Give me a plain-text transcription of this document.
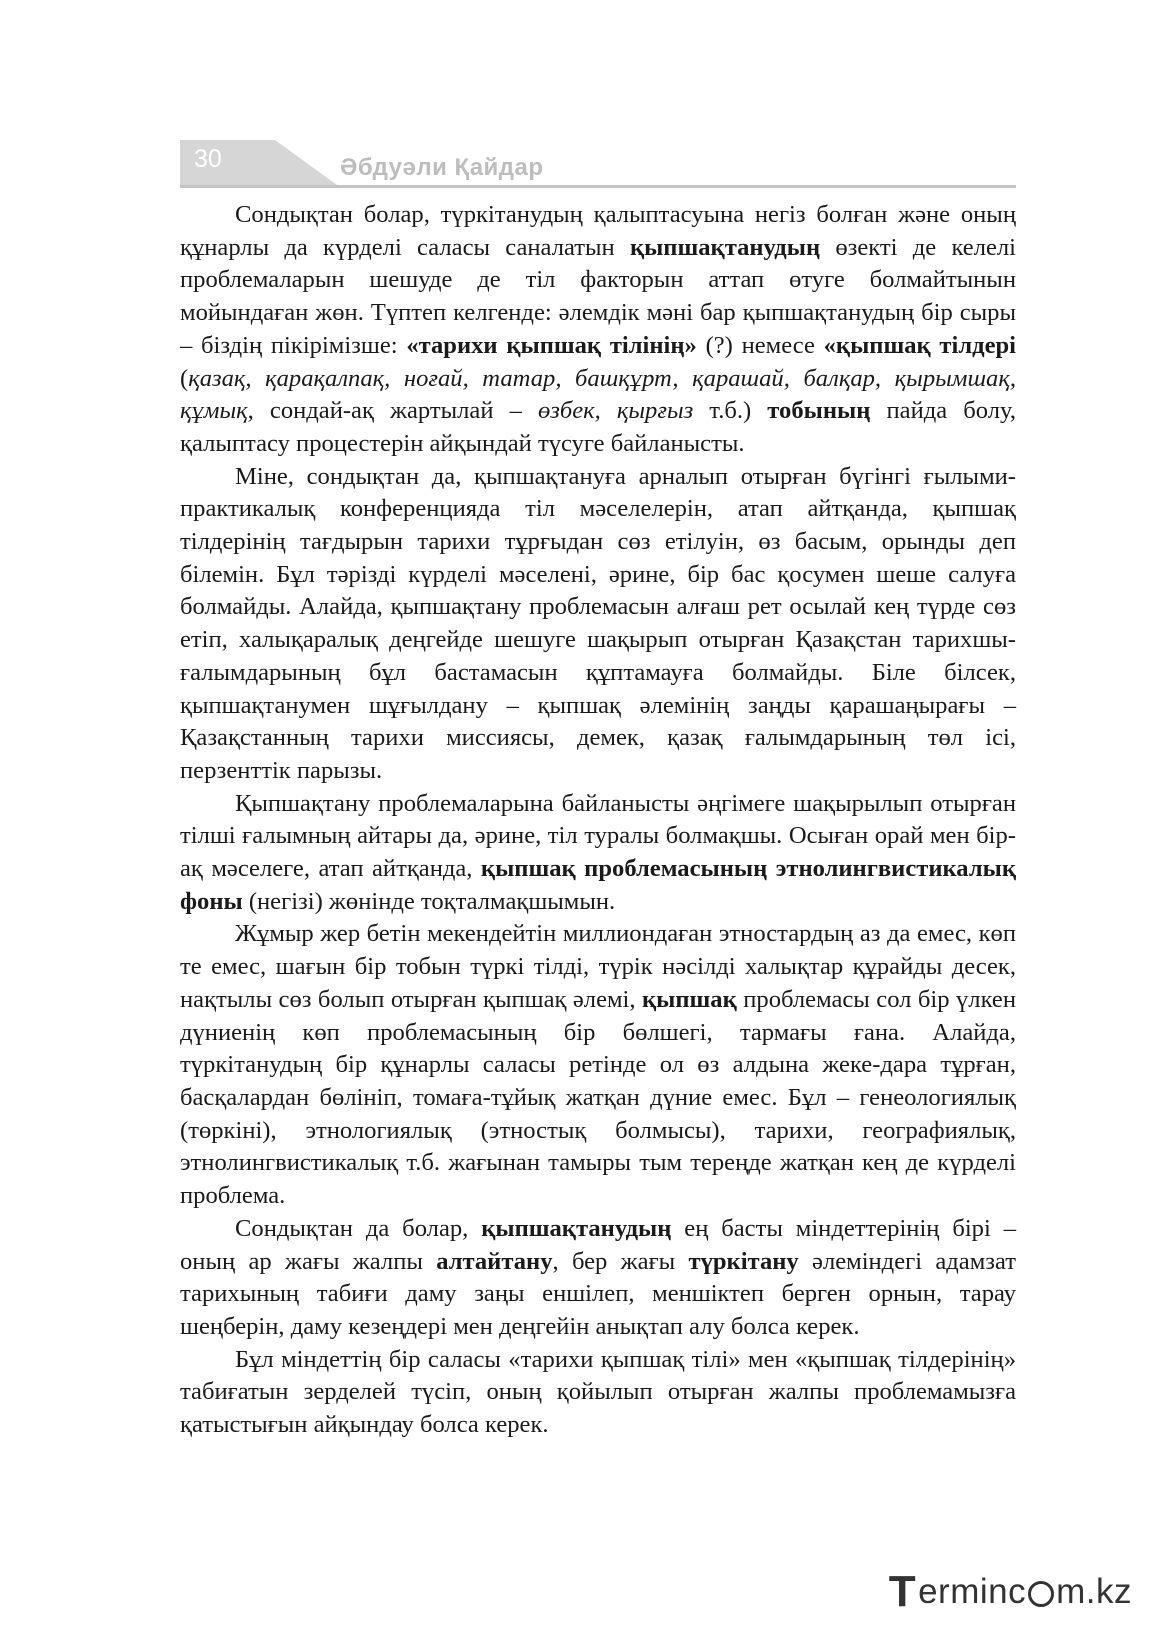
30	Әбдуәли Қайдар

Сондықтан болар, түркітанудың қалыптасуына негіз болған және оның құнарлы да күрделі саласы саналатын қыпшақтанудың өзекті де келелі проблемаларын шешуде де тіл факторын аттап өтуге болмайтынын мойындаған жөн. Түптеп келгенде: әлемдік мәні бар қыпшақтанудың бір сыры – біздің пікірімізше: «тарихи қыпшақ тілінің» (?) немесе «қыпшақ тілдері (қазақ, қарақалпақ, ноғай, татар, башқұрт, қарашай, балқар, қырымшақ, құмық, сондай-ақ жартылай – өзбек, қырғыз т.б.) тобының пайда болу, қалыптасу процестерін айқындай түсуге байланысты.

Міне, сондықтан да, қыпшақтануға арналып отырған бүгінгі ғылыми-практикалық конференцияда тіл мәселелерін, атап айтқанда, қыпшақ тілдерінің тағдырын тарихи тұрғыдан сөз етілуін, өз басым, орынды деп білемін. Бұл тәрізді күрделі мәселені, әрине, бір бас қосумен шеше салуға болмайды. Алайда, қыпшақтану проблемасын алғаш рет осылай кең түрде сөз етіп, халықаралық деңгейде шешуге шақырып отырған Қазақстан тарихшы-ғалымдарының бұл бастамасын құптамауға болмайды. Біле білсек, қыпшақтанумен шұғылдану – қыпшақ әлемінің заңды қарашаңырағы – Қазақстанның тарихи миссиясы, демек, қазақ ғалымдарының төл ісі, перзенттік парызы.

Қыпшақтану проблемаларына байланысты әңгімеге шақырылып отырған тілші ғалымның айтары да, әрине, тіл туралы болмақшы. Осыған орай мен бір-ақ мәселеге, атап айтқанда, қыпшақ проблемасының этнолингвистикалық фоны (негізі) жөнінде тоқталмақшымын.

Жұмыр жер бетін мекендейтін миллиондаған этностардың аз да емес, көп те емес, шағын бір тобын түркі тілді, түрік нәсілді халықтар құрайды десек, нақтылы сөз болып отырған қыпшақ әлемі, қыпшақ проблемасы сол бір үлкен дүниенің көп проблемасының бір бөлшегі, тармағы ғана. Алайда, түркітанудың бір құнарлы саласы ретінде ол өз алдына жеке-дара тұрған, басқалардан бөлініп, томаға-тұйық жатқан дүние емес. Бұл – генеологиялық (төркіні), этнологиялық (этностық болмысы), тарихи, географиялық, этнолингвистикалық т.б. жағынан тамыры тым тереңде жатқан кең де күрделі проблема.

Сондықтан да болар, қыпшақтанудың ең басты міндеттерінің бірі – оның ар жағы жалпы алтайтану, бер жағы түркітану әлеміндегі адамзат тарихының табиғи даму заңы еншілеп, меншіктеп берген орнын, тарау шеңберін, даму кезеңдері мен деңгейін анықтап алу болса керек.

Бұл міндеттің бір саласы «тарихи қыпшақ тілі» мен «қыпшақ тілдерінің» табиғатын зерделей түсіп, оның қойылып отырған жалпы проблемамызға қатыстығын айқындау болса керек.

T erminc m.kz
